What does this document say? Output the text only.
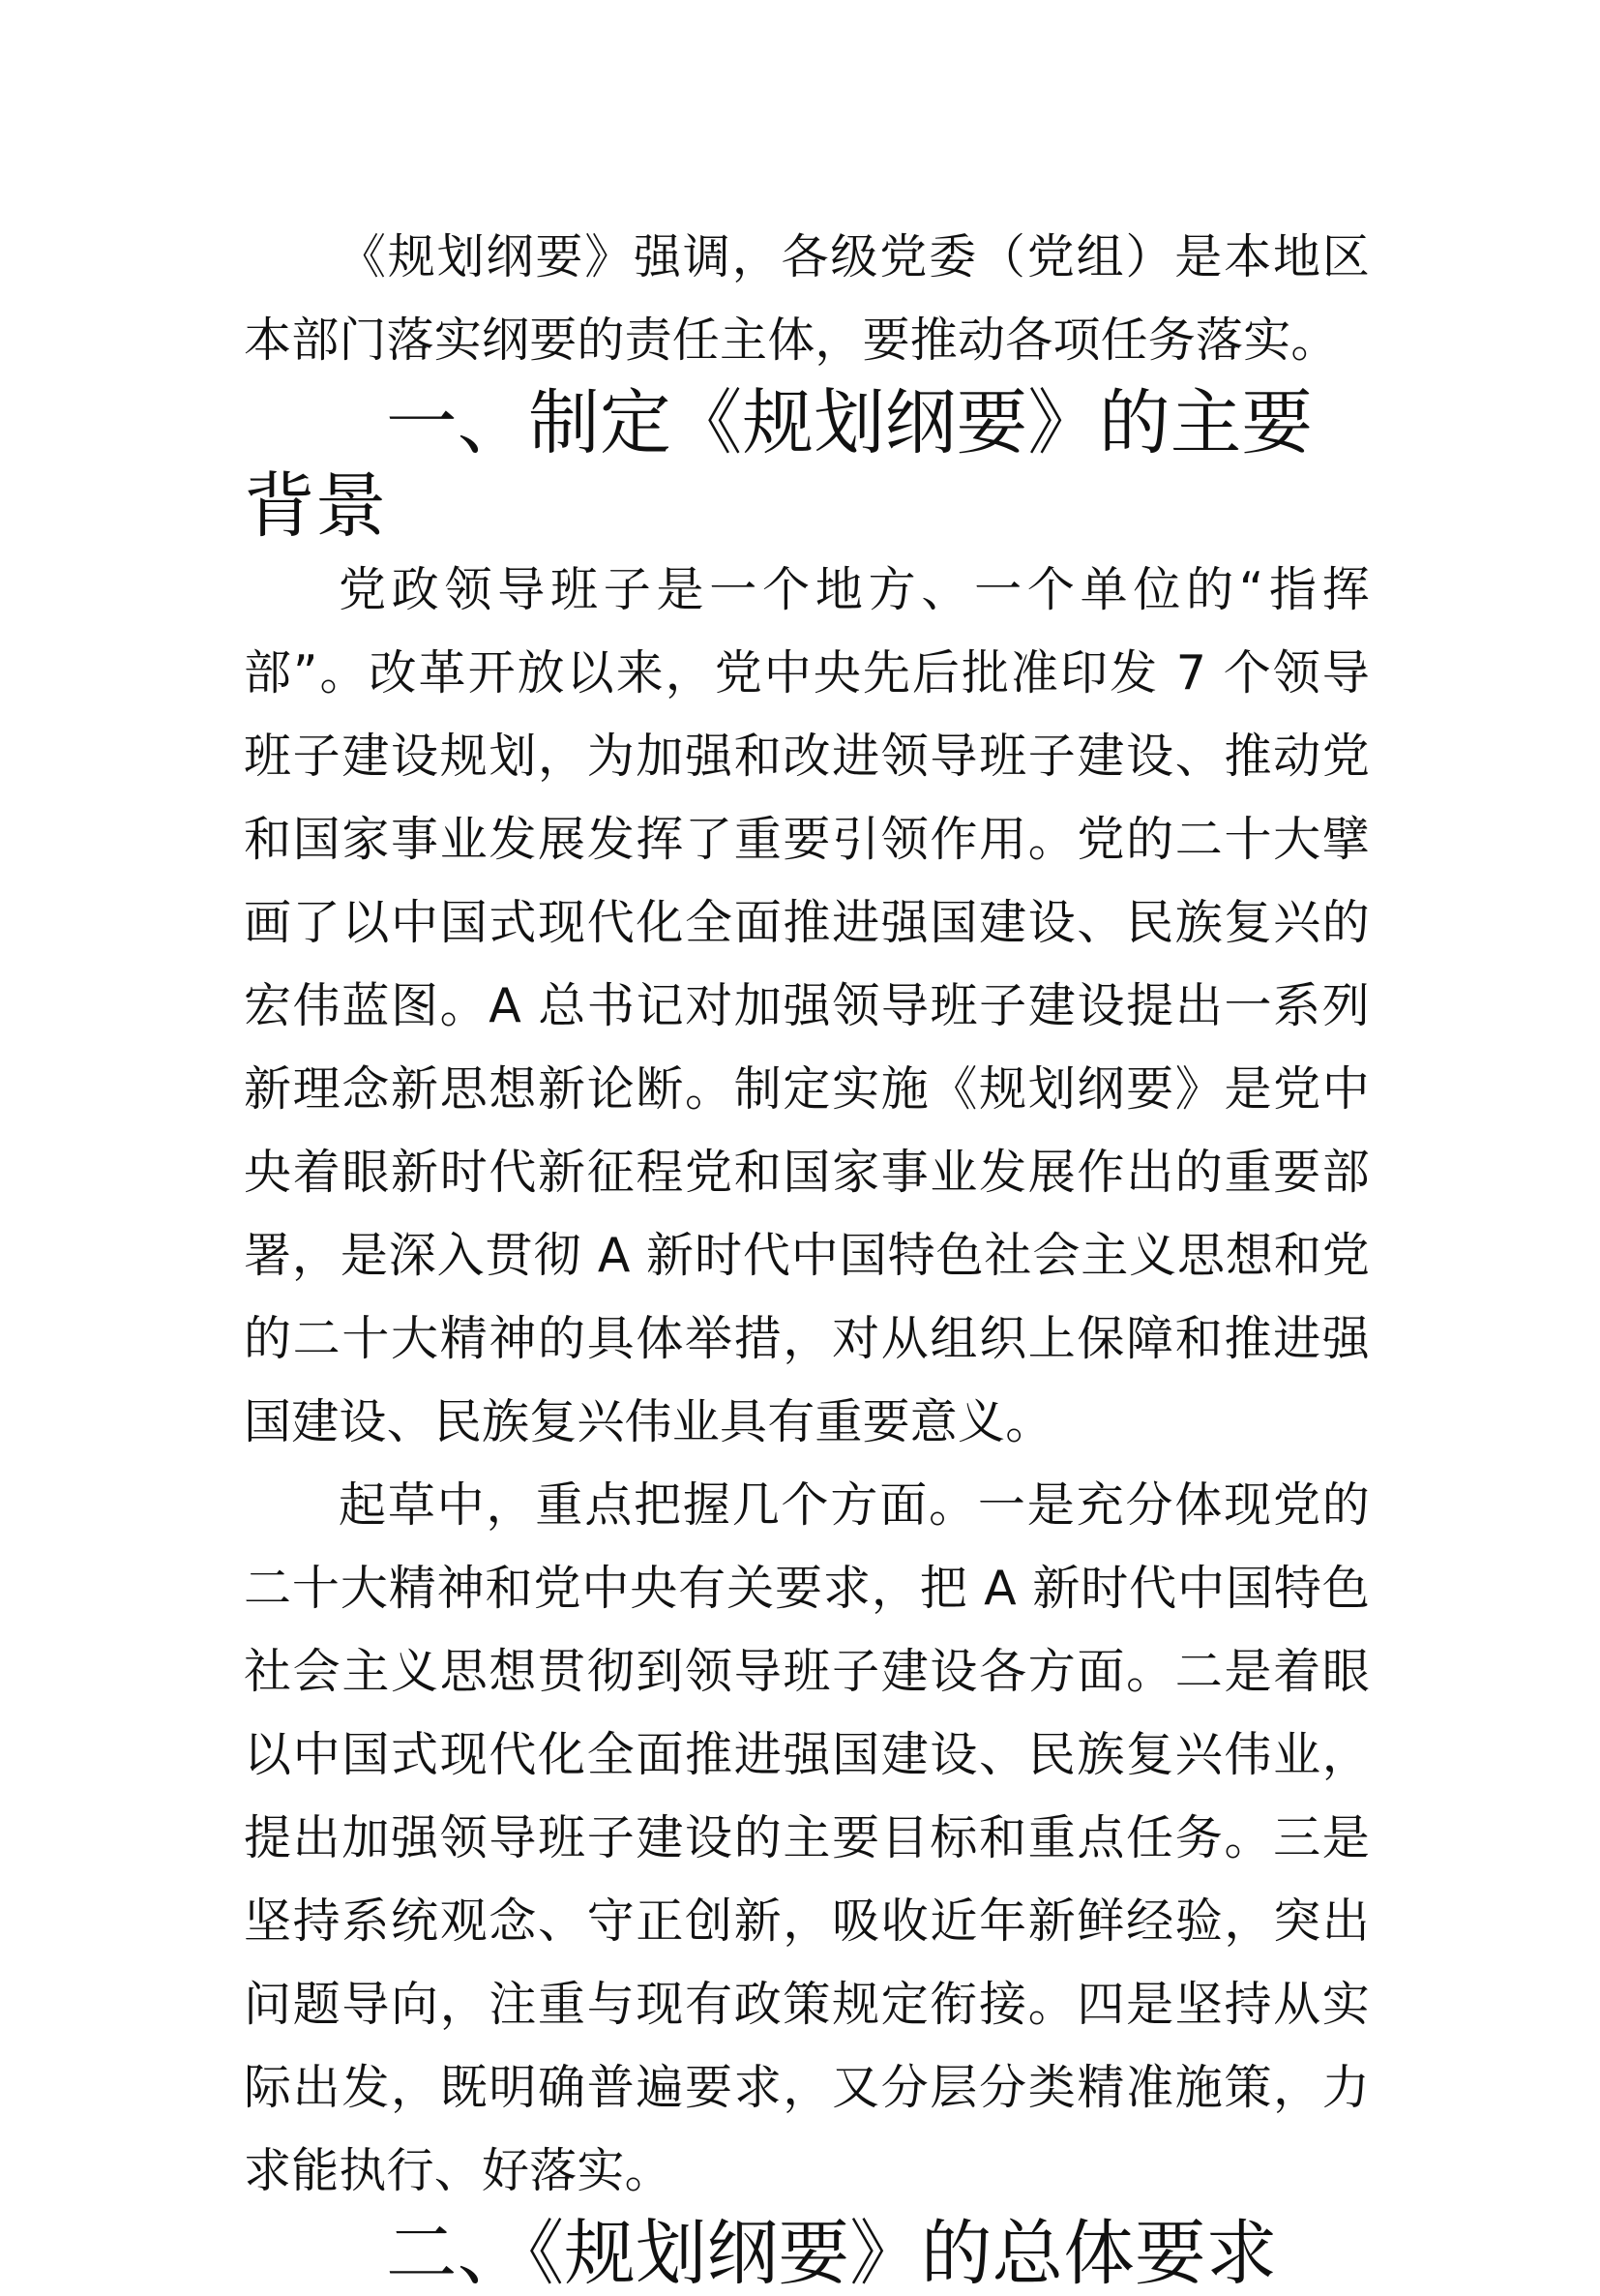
《规划纲要》强调，各级党委（党组）是本地区本部门落实纲要的责任主体，要推动各项任务落实。

一、制定《规划纲要》的主要背景

党政领导班子是一个地方、一个单位的“指挥部”。改革开放以来，党中央先后批准印发 7 个领导班子建设规划，为加强和改进领导班子建设、推动党和国家事业发展发挥了重要引领作用。党的二十大擘画了以中国式现代化全面推进强国建设、民族复兴的宏伟蓝图。A 总书记对加强领导班子建设提出一系列新理念新思想新论断。制定实施《规划纲要》是党中央着眼新时代新征程党和国家事业发展作出的重要部署，是深入贯彻 A 新时代中国特色社会主义思想和党的二十大精神的具体举措，对从组织上保障和推进强国建设、民族复兴伟业具有重要意义。

起草中，重点把握几个方面。一是充分体现党的二十大精神和党中央有关要求，把 A 新时代中国特色社会主义思想贯彻到领导班子建设各方面。二是着眼以中国式现代化全面推进强国建设、民族复兴伟业，提出加强领导班子建设的主要目标和重点任务。三是坚持系统观念、守正创新，吸收近年新鲜经验，突出问题导向，注重与现有政策规定衔接。四是坚持从实际出发，既明确普遍要求，又分层分类精准施策，力求能执行、好落实。

二、《规划纲要》的总体要求
